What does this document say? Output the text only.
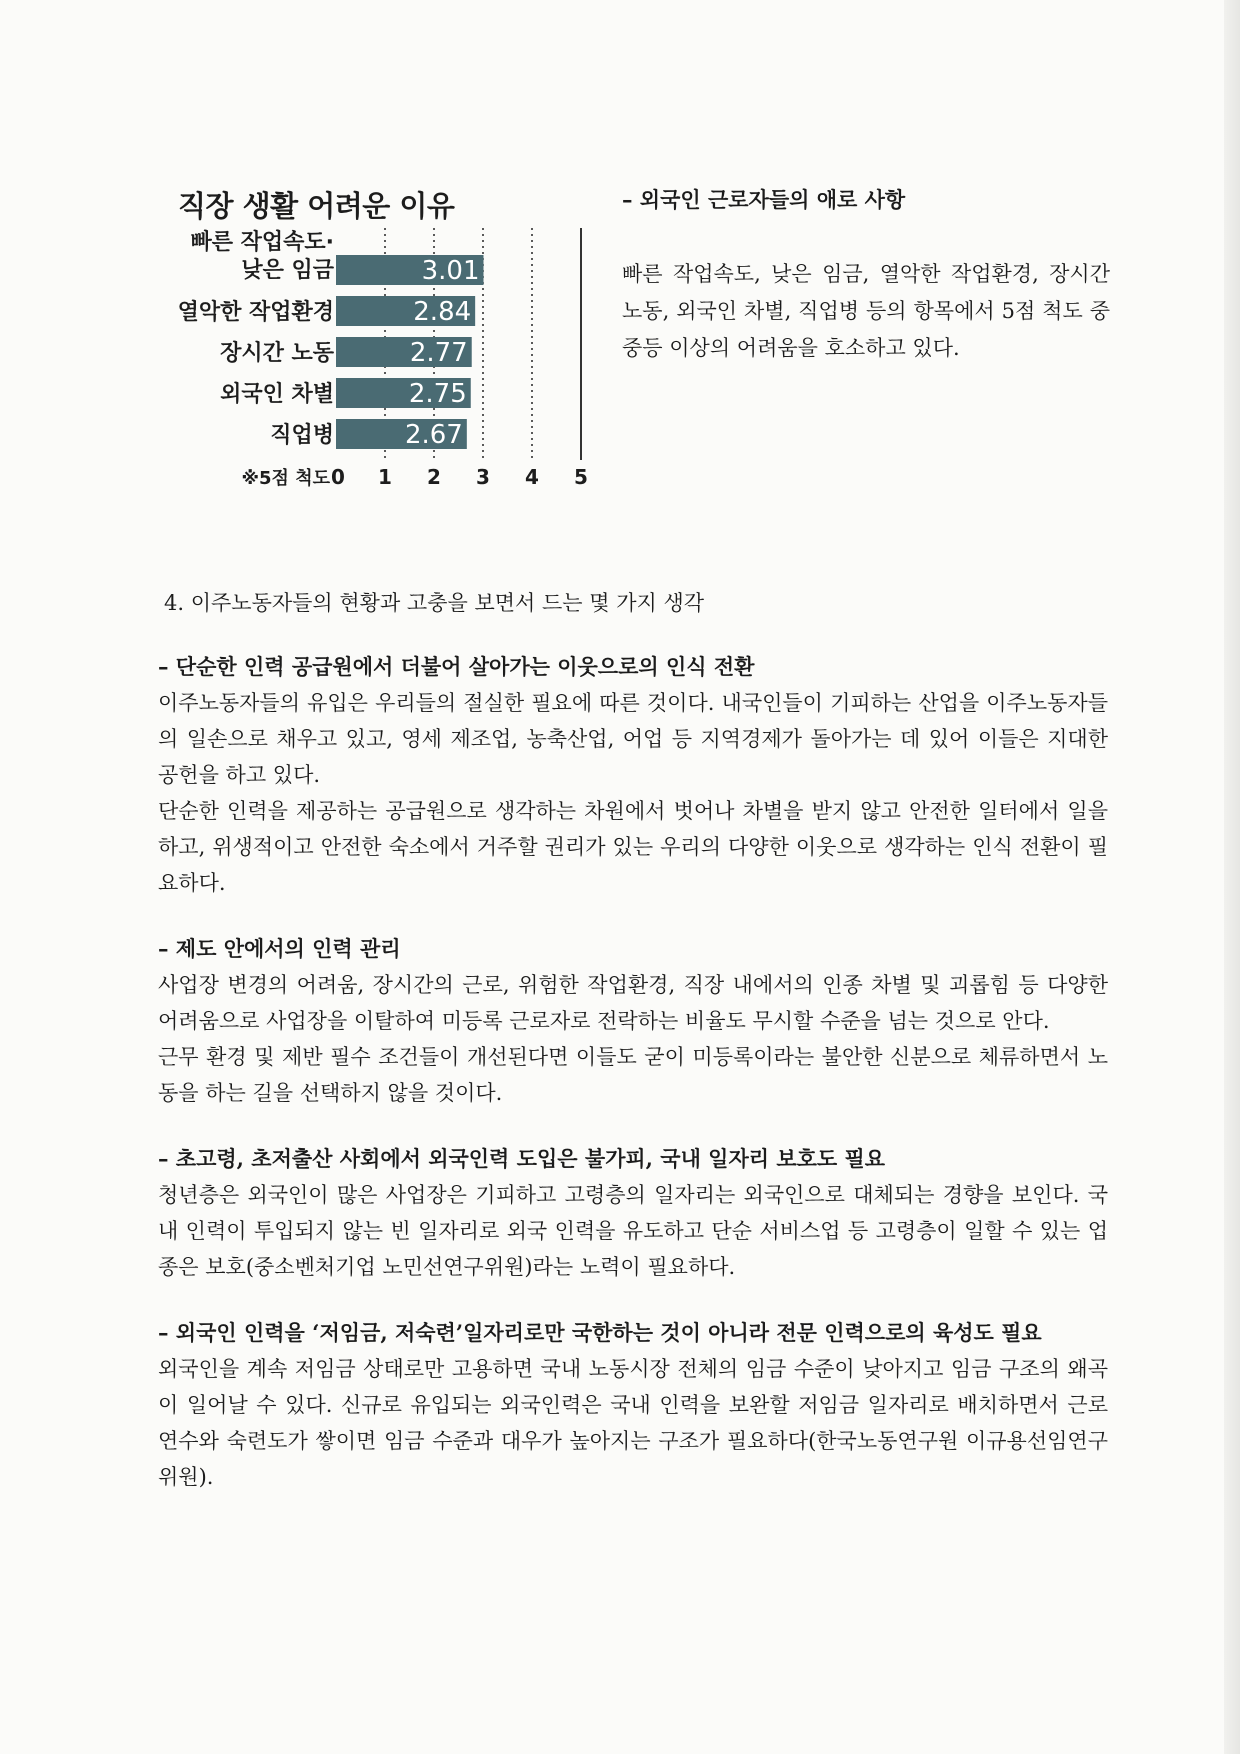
직장 생활 어려운 이유
3.01
빠른 작업속도·
낮은 임금
2.84
열악한 작업환경
2.77
장시간 노동
2.75
외국인 차별
2.67
직업병
0 1 2 3 4 5
※5점 척도

– 외국인 근로자들의 애로 사항

빠른 작업속도, 낮은 임금, 열악한 작업환경, 장시간 노동, 외국인 차별, 직업병 등의 항목에서 5점 척도 중 중등 이상의 어려움을 호소하고 있다.

4. 이주노동자들의 현황과 고충을 보면서 드는 몇 가지 생각

– 단순한 인력 공급원에서 더불어 살아가는 이웃으로의 인식 전환

이주노동자들의 유입은 우리들의 절실한 필요에 따른 것이다. 내국인들이 기피하는 산업을 이주노동자들의 일손으로 채우고 있고, 영세 제조업, 농축산업, 어업 등 지역경제가 돌아가는 데 있어 이들은 지대한 공헌을 하고 있다.

단순한 인력을 제공하는 공급원으로 생각하는 차원에서 벗어나 차별을 받지 않고 안전한 일터에서 일을 하고, 위생적이고 안전한 숙소에서 거주할 권리가 있는 우리의 다양한 이웃으로 생각하는 인식 전환이 필요하다.

– 제도 안에서의 인력 관리

사업장 변경의 어려움, 장시간의 근로, 위험한 작업환경, 직장 내에서의 인종 차별 및 괴롭힘 등 다양한 어려움으로 사업장을 이탈하여 미등록 근로자로 전락하는 비율도 무시할 수준을 넘는 것으로 안다.

근무 환경 및 제반 필수 조건들이 개선된다면 이들도 굳이 미등록이라는 불안한 신분으로 체류하면서 노동을 하는 길을 선택하지 않을 것이다.

– 초고령, 초저출산 사회에서 외국인력 도입은 불가피, 국내 일자리 보호도 필요

청년층은 외국인이 많은 사업장은 기피하고 고령층의 일자리는 외국인으로 대체되는 경향을 보인다. 국내 인력이 투입되지 않는 빈 일자리로 외국 인력을 유도하고 단순 서비스업 등 고령층이 일할 수 있는 업종은 보호(중소벤처기업 노민선연구위원)라는 노력이 필요하다.

– 외국인 인력을 ‘저임금, 저숙련’일자리로만 국한하는 것이 아니라 전문 인력으로의 육성도 필요

외국인을 계속 저임금 상태로만 고용하면 국내 노동시장 전체의 임금 수준이 낮아지고 임금 구조의 왜곡이 일어날 수 있다. 신규로 유입되는 외국인력은 국내 인력을 보완할 저임금 일자리로 배치하면서 근로 연수와 숙련도가 쌓이면 임금 수준과 대우가 높아지는 구조가 필요하다(한국노동연구원 이규용선임연구위원).
